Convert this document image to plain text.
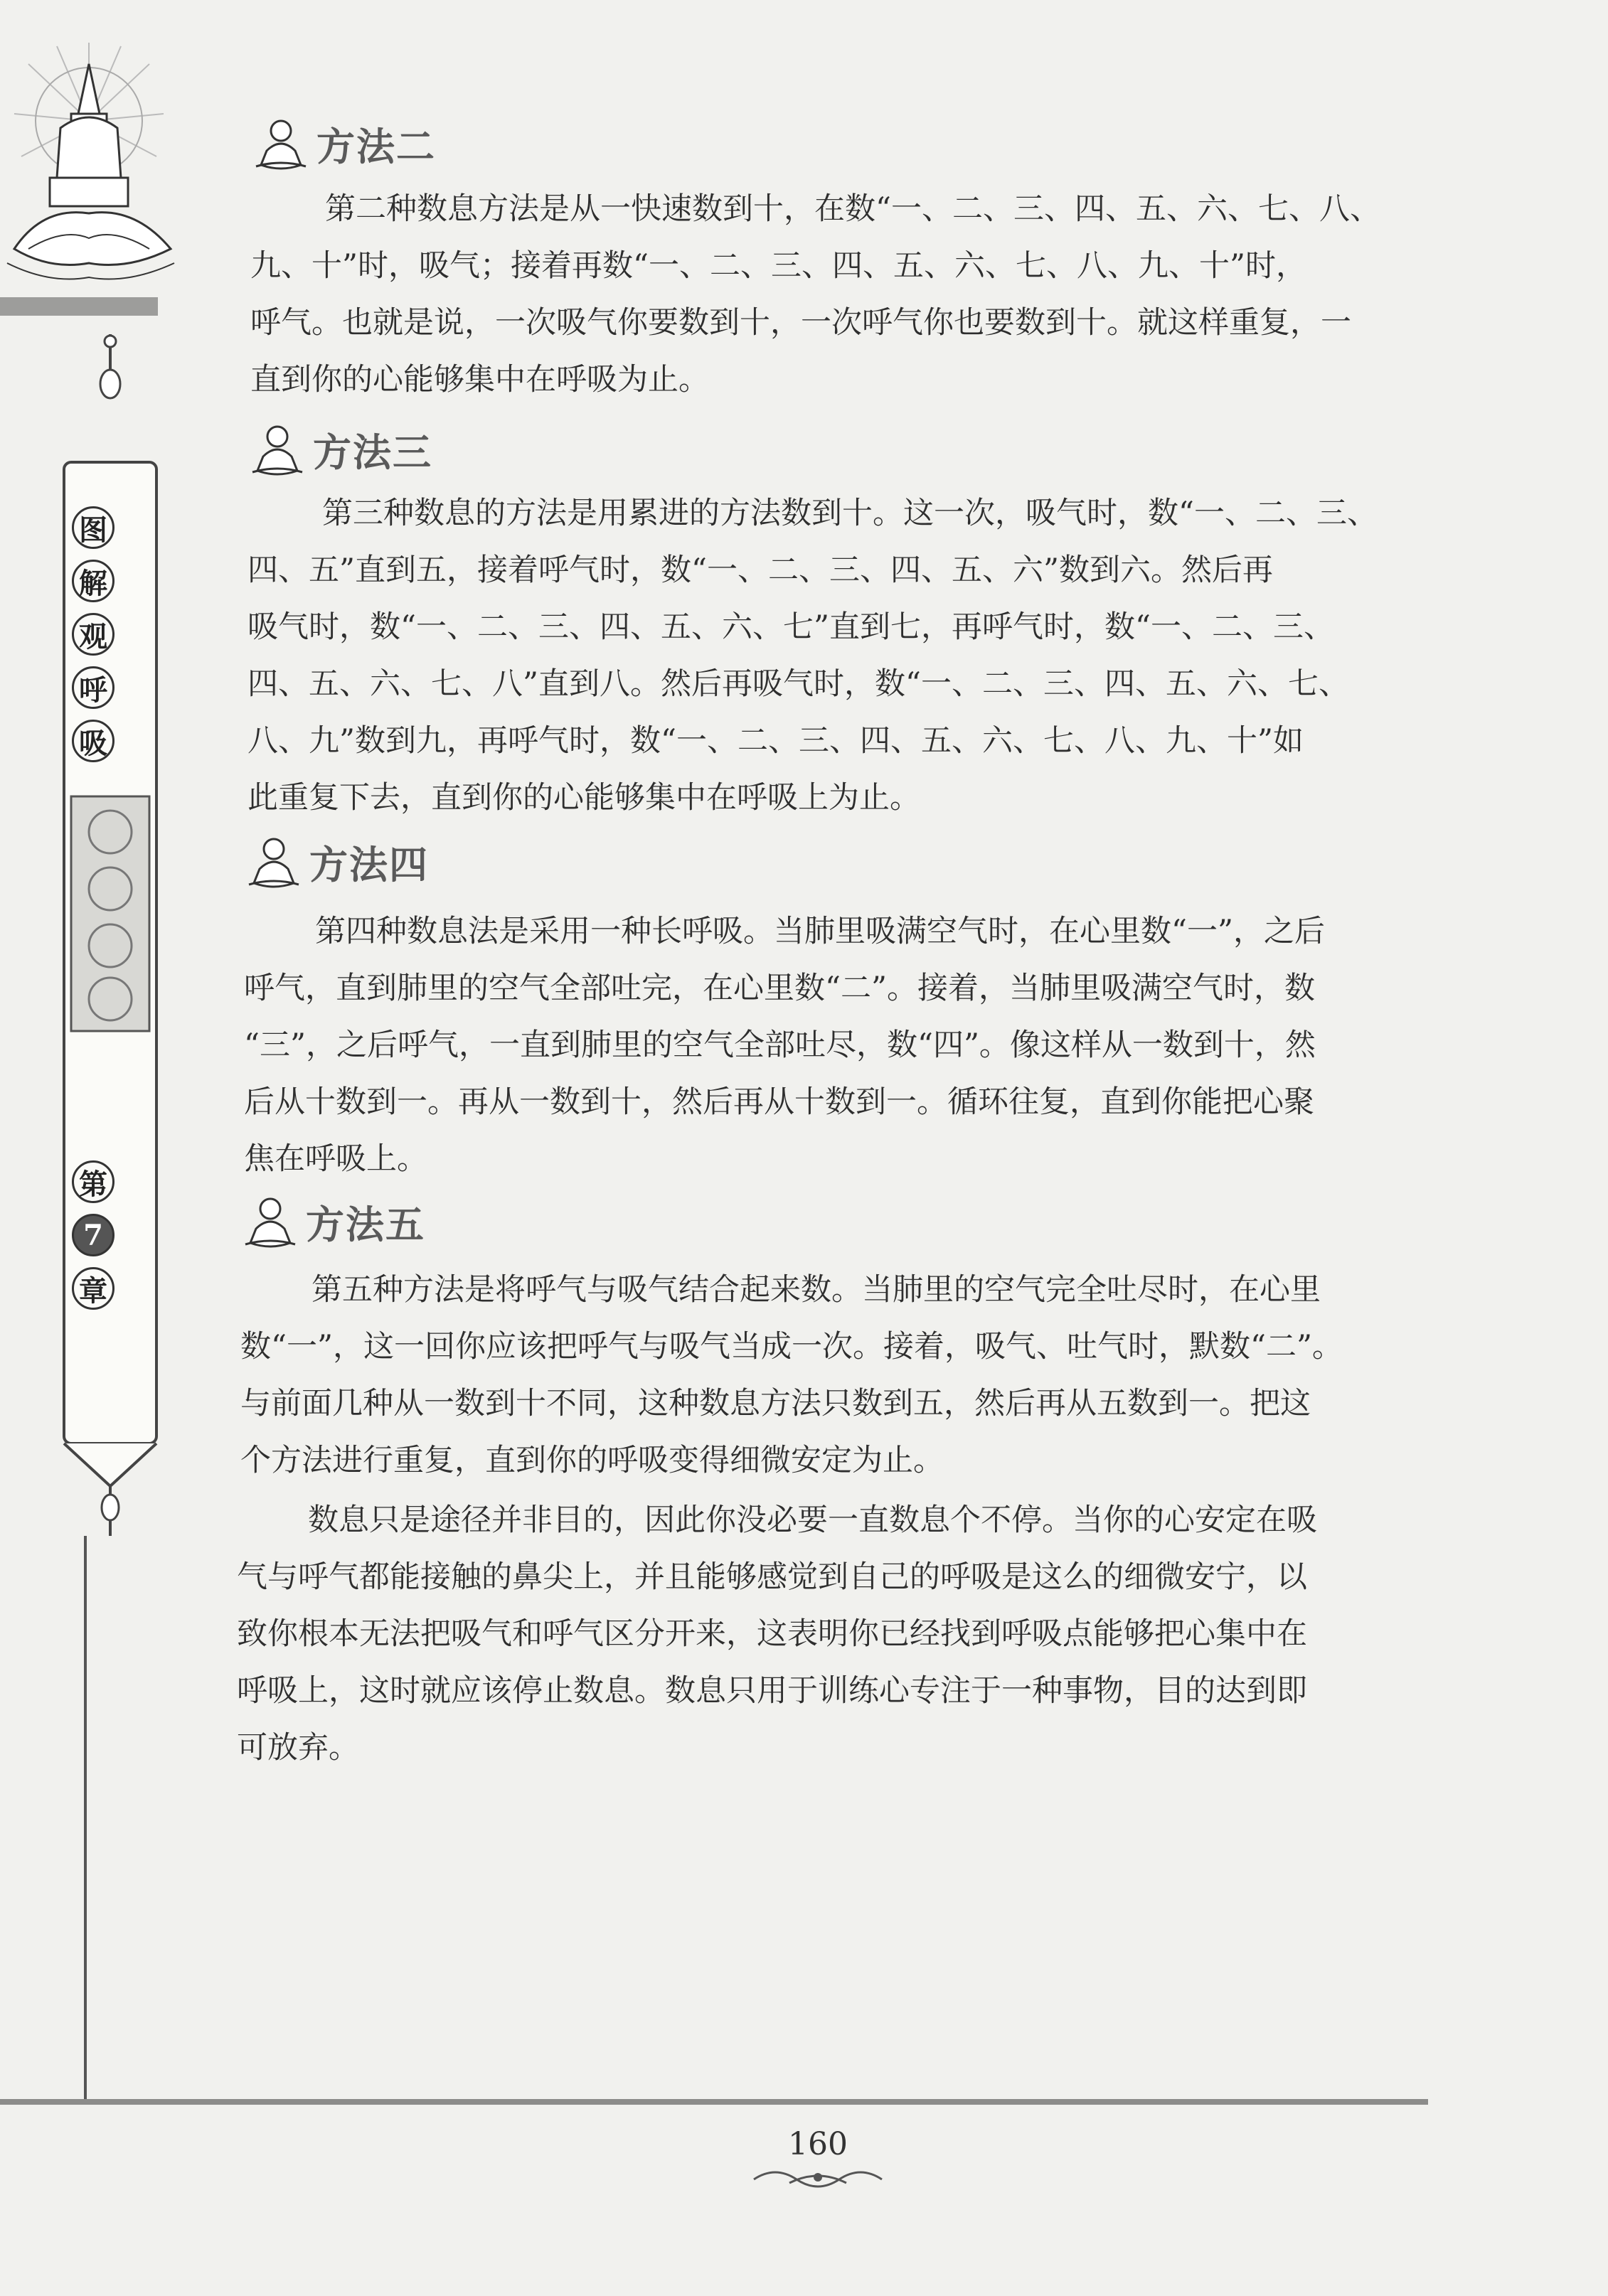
图
解
观
呼
吸
第
7
章
方法二
第二种数息方法是从一快速数到十，在数“一、二、三、四、五、六、七、八、
九、十”时，吸气；接着再数“一、二、三、四、五、六、七、八、九、十”时，
呼气。也就是说，一次吸气你要数到十，一次呼气你也要数到十。就这样重复，一
直到你的心能够集中在呼吸为止。
方法三
第三种数息的方法是用累进的方法数到十。这一次，吸气时，数“一、二、三、
四、五”直到五，接着呼气时，数“一、二、三、四、五、六”数到六。然后再
吸气时，数“一、二、三、四、五、六、七”直到七，再呼气时，数“一、二、三、
四、五、六、七、八”直到八。然后再吸气时，数“一、二、三、四、五、六、七、
八、九”数到九，再呼气时，数“一、二、三、四、五、六、七、八、九、十”如
此重复下去，直到你的心能够集中在呼吸上为止。
方法四
第四种数息法是采用一种长呼吸。当肺里吸满空气时，在心里数“一”，之后
呼气，直到肺里的空气全部吐完，在心里数“二”。接着，当肺里吸满空气时，数
“三”，之后呼气，一直到肺里的空气全部吐尽，数“四”。像这样从一数到十，然
后从十数到一。再从一数到十，然后再从十数到一。循环往复，直到你能把心聚
焦在呼吸上。
方法五
第五种方法是将呼气与吸气结合起来数。当肺里的空气完全吐尽时，在心里
数“一”，这一回你应该把呼气与吸气当成一次。接着，吸气、吐气时，默数“二”。
与前面几种从一数到十不同，这种数息方法只数到五，然后再从五数到一。把这
个方法进行重复，直到你的呼吸变得细微安定为止。
数息只是途径并非目的，因此你没必要一直数息个不停。当你的心安定在吸
气与呼气都能接触的鼻尖上，并且能够感觉到自己的呼吸是这么的细微安宁，以
致你根本无法把吸气和呼气区分开来，这表明你已经找到呼吸点能够把心集中在
呼吸上，这时就应该停止数息。数息只用于训练心专注于一种事物，目的达到即
可放弃。
160
